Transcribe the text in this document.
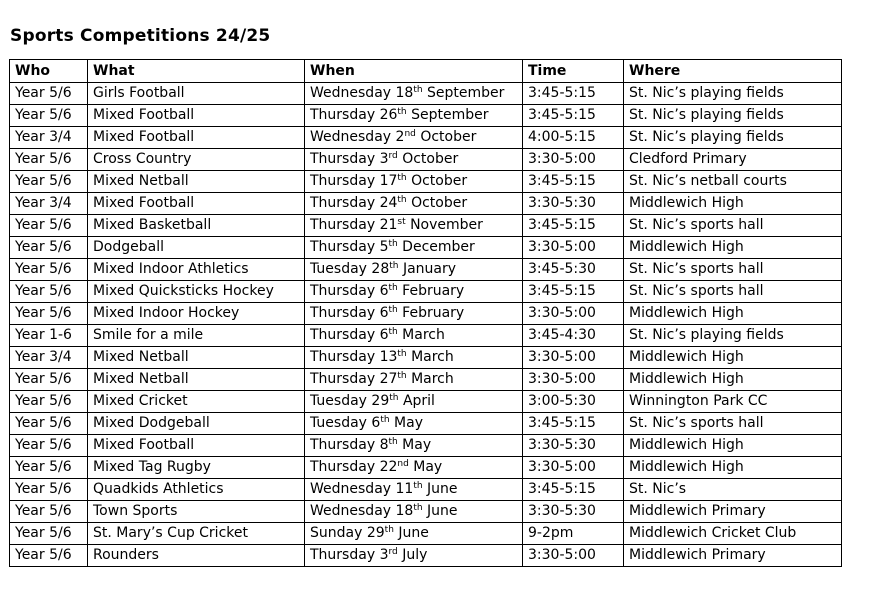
Sports Competitions 24/25
Who	What	When	Time	Where
Year 5/6	Girls Football	Wednesday 18th September	3:45-5:15	St. Nic’s playing fields
Year 5/6	Mixed Football	Thursday 26th September	3:45-5:15	St. Nic’s playing fields
Year 3/4	Mixed Football	Wednesday 2nd October	4:00-5:15	St. Nic’s playing fields
Year 5/6	Cross Country	Thursday 3rd October	3:30-5:00	Cledford Primary
Year 5/6	Mixed Netball	Thursday 17th October	3:45-5:15	St. Nic’s netball courts
Year 3/4	Mixed Football	Thursday 24th October	3:30-5:30	Middlewich High
Year 5/6	Mixed Basketball	Thursday 21st November	3:45-5:15	St. Nic’s sports hall
Year 5/6	Dodgeball	Thursday 5th December	3:30-5:00	Middlewich High
Year 5/6	Mixed Indoor Athletics	Tuesday 28th January	3:45-5:30	St. Nic’s sports hall
Year 5/6	Mixed Quicksticks Hockey	Thursday 6th February	3:45-5:15	St. Nic’s sports hall
Year 5/6	Mixed Indoor Hockey	Thursday 6th February	3:30-5:00	Middlewich High
Year 1-6	Smile for a mile	Thursday 6th March	3:45-4:30	St. Nic’s playing fields
Year 3/4	Mixed Netball	Thursday 13th March	3:30-5:00	Middlewich High
Year 5/6	Mixed Netball	Thursday 27th March	3:30-5:00	Middlewich High
Year 5/6	Mixed Cricket	Tuesday 29th April	3:00-5:30	Winnington Park CC
Year 5/6	Mixed Dodgeball	Tuesday 6th May	3:45-5:15	St. Nic’s sports hall
Year 5/6	Mixed Football	Thursday 8th May	3:30-5:30	Middlewich High
Year 5/6	Mixed Tag Rugby	Thursday 22nd May	3:30-5:00	Middlewich High
Year 5/6	Quadkids Athletics	Wednesday 11th June	3:45-5:15	St. Nic’s
Year 5/6	Town Sports	Wednesday 18th June	3:30-5:30	Middlewich Primary
Year 5/6	St. Mary’s Cup Cricket	Sunday 29th June	9-2pm	Middlewich Cricket Club
Year 5/6	Rounders	Thursday 3rd July	3:30-5:00	Middlewich Primary
